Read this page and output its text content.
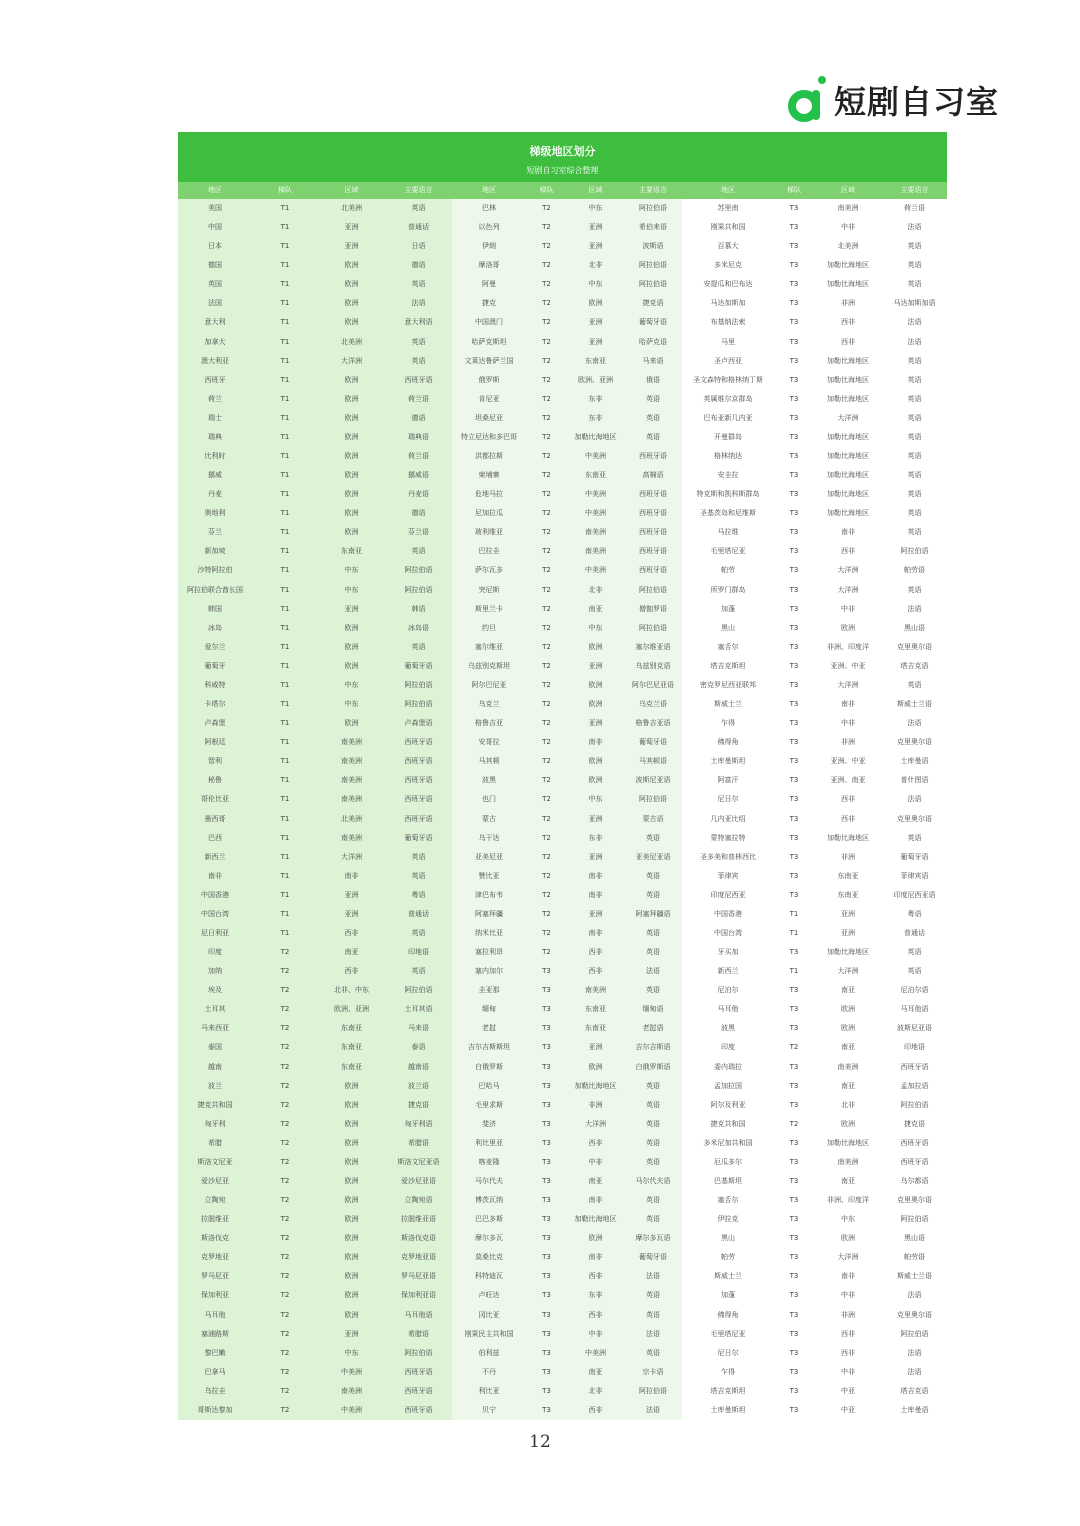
短剧自习室
梯级地区划分
短剧自习室综合整理
地区	梯队	区域	主要语言	地区	梯队	区域	主要语言	地区	梯队	区域	主要语言
美国	T1	北美洲	英语	巴林	T2	中东	阿拉伯语	苏里南	T3	南美洲	荷兰语
中国	T1	亚洲	普通话	以色列	T2	亚洲	希伯来语	刚果共和国	T3	中非	法语
日本	T1	亚洲	日语	伊朗	T2	亚洲	波斯语	百慕大	T3	北美洲	英语
德国	T1	欧洲	德语	摩洛哥	T2	北非	阿拉伯语	多米尼克	T3	加勒比海地区	英语
英国	T1	欧洲	英语	阿曼	T2	中东	阿拉伯语	安提瓜和巴布达	T3	加勒比海地区	英语
法国	T1	欧洲	法语	捷克	T2	欧洲	捷克语	马达加斯加	T3	非洲	马达加斯加语
意大利	T1	欧洲	意大利语	中国澳门	T2	亚洲	葡萄牙语	布基纳法索	T3	西非	法语
加拿大	T1	北美洲	英语	哈萨克斯坦	T2	亚洲	哈萨克语	马里	T3	西非	法语
澳大利亚	T1	大洋洲	英语	文莱达鲁萨兰国	T2	东南亚	马来语	圣卢西亚	T3	加勒比海地区	英语
西班牙	T1	欧洲	西班牙语	俄罗斯	T2	欧洲、亚洲	俄语	圣文森特和格林纳丁斯	T3	加勒比海地区	英语
荷兰	T1	欧洲	荷兰语	肯尼亚	T2	东非	英语	英属维尔京群岛	T3	加勒比海地区	英语
瑞士	T1	欧洲	德语	坦桑尼亚	T2	东非	英语	巴布亚新几内亚	T3	大洋洲	英语
瑞典	T1	欧洲	瑞典语	特立尼达和多巴哥	T2	加勒比海地区	英语	开曼群岛	T3	加勒比海地区	英语
比利时	T1	欧洲	荷兰语	洪都拉斯	T2	中美洲	西班牙语	格林纳达	T3	加勒比海地区	英语
挪威	T1	欧洲	挪威语	柬埔寨	T2	东南亚	高棉语	安圭拉	T3	加勒比海地区	英语
丹麦	T1	欧洲	丹麦语	危地马拉	T2	中美洲	西班牙语	特克斯和凯科斯群岛	T3	加勒比海地区	英语
奥地利	T1	欧洲	德语	尼加拉瓜	T2	中美洲	西班牙语	圣基茨岛和尼维斯	T3	加勒比海地区	英语
芬兰	T1	欧洲	芬兰语	玻利维亚	T2	南美洲	西班牙语	马拉维	T3	南非	英语
新加坡	T1	东南亚	英语	巴拉圭	T2	南美洲	西班牙语	毛里塔尼亚	T3	西非	阿拉伯语
沙特阿拉伯	T1	中东	阿拉伯语	萨尔瓦多	T2	中美洲	西班牙语	帕劳	T3	大洋洲	帕劳语
阿拉伯联合酋长国	T1	中东	阿拉伯语	突尼斯	T2	北非	阿拉伯语	所罗门群岛	T3	大洋洲	英语
韩国	T1	亚洲	韩语	斯里兰卡	T2	南亚	僧伽罗语	加蓬	T3	中非	法语
冰岛	T1	欧洲	冰岛语	约旦	T2	中东	阿拉伯语	黑山	T3	欧洲	黑山语
爱尔兰	T1	欧洲	英语	塞尔维亚	T2	欧洲	塞尔维亚语	塞舌尔	T3	非洲、印度洋	克里奥尔语
葡萄牙	T1	欧洲	葡萄牙语	乌兹别克斯坦	T2	亚洲	乌兹别克语	塔吉克斯坦	T3	亚洲、中亚	塔吉克语
科威特	T1	中东	阿拉伯语	阿尔巴尼亚	T2	欧洲	阿尔巴尼亚语	密克罗尼西亚联邦	T3	大洋洲	英语
卡塔尔	T1	中东	阿拉伯语	乌克兰	T2	欧洲	乌克兰语	斯威士兰	T3	南非	斯威士兰语
卢森堡	T1	欧洲	卢森堡语	格鲁吉亚	T2	亚洲	格鲁吉亚语	乍得	T3	中非	法语
阿根廷	T1	南美洲	西班牙语	安哥拉	T2	南非	葡萄牙语	佛得角	T3	非洲	克里奥尔语
智利	T1	南美洲	西班牙语	马其顿	T2	欧洲	马其顿语	土库曼斯坦	T3	亚洲、中亚	土库曼语
秘鲁	T1	南美洲	西班牙语	波黑	T2	欧洲	波斯尼亚语	阿富汗	T3	亚洲、南亚	普什图语
哥伦比亚	T1	南美洲	西班牙语	也门	T2	中东	阿拉伯语	尼日尔	T3	西非	法语
墨西哥	T1	北美洲	西班牙语	蒙古	T2	亚洲	蒙古语	几内亚比绍	T3	西非	克里奥尔语
巴西	T1	南美洲	葡萄牙语	乌干达	T2	东非	英语	蒙特塞拉特	T3	加勒比海地区	英语
新西兰	T1	大洋洲	英语	亚美尼亚	T2	亚洲	亚美尼亚语	圣多美和普林西比	T3	非洲	葡萄牙语
南非	T1	南非	英语	赞比亚	T2	南非	英语	菲律宾	T3	东南亚	菲律宾语
中国香港	T1	亚洲	粤语	津巴布韦	T2	南非	英语	印度尼西亚	T3	东南亚	印度尼西亚语
中国台湾	T1	亚洲	普通话	阿塞拜疆	T2	亚洲	阿塞拜疆语	中国香港	T1	亚洲	粤语
尼日利亚	T1	西非	英语	纳米比亚	T2	南非	英语	中国台湾	T1	亚洲	普通话
印度	T2	南亚	印地语	塞拉利昂	T2	西非	英语	牙买加	T3	加勒比海地区	英语
加纳	T2	西非	英语	塞内加尔	T3	西非	法语	新西兰	T1	大洋洲	英语
埃及	T2	北非、中东	阿拉伯语	圭亚那	T3	南美洲	英语	尼泊尔	T3	南亚	尼泊尔语
土耳其	T2	欧洲、亚洲	土耳其语	缅甸	T3	东南亚	缅甸语	马耳他	T3	欧洲	马耳他语
马来西亚	T2	东南亚	马来语	老挝	T3	东南亚	老挝语	波黑	T3	欧洲	波斯尼亚语
泰国	T2	东南亚	泰语	吉尔吉斯斯坦	T3	亚洲	吉尔吉斯语	印度	T2	南亚	印地语
越南	T2	东南亚	越南语	白俄罗斯	T3	欧洲	白俄罗斯语	委内瑞拉	T3	南美洲	西班牙语
波兰	T2	欧洲	波兰语	巴哈马	T3	加勒比海地区	英语	孟加拉国	T3	南亚	孟加拉语
捷克共和国	T2	欧洲	捷克语	毛里求斯	T3	非洲	英语	阿尔及利亚	T3	北非	阿拉伯语
匈牙利	T2	欧洲	匈牙利语	斐济	T3	大洋洲	英语	捷克共和国	T2	欧洲	捷克语
希腊	T2	欧洲	希腊语	利比里亚	T3	西非	英语	多米尼加共和国	T3	加勒比海地区	西班牙语
斯洛文尼亚	T2	欧洲	斯洛文尼亚语	喀麦隆	T3	中非	英语	厄瓜多尔	T3	南美洲	西班牙语
爱沙尼亚	T2	欧洲	爱沙尼亚语	马尔代夫	T3	南亚	马尔代夫语	巴基斯坦	T3	南亚	乌尔都语
立陶宛	T2	欧洲	立陶宛语	博茨瓦纳	T3	南非	英语	塞舌尔	T3	非洲、印度洋	克里奥尔语
拉脱维亚	T2	欧洲	拉脱维亚语	巴巴多斯	T3	加勒比海地区	英语	伊拉克	T3	中东	阿拉伯语
斯洛伐克	T2	欧洲	斯洛伐克语	摩尔多瓦	T3	欧洲	摩尔多瓦语	黑山	T3	欧洲	黑山语
克罗地亚	T2	欧洲	克罗地亚语	莫桑比克	T3	南非	葡萄牙语	帕劳	T3	大洋洲	帕劳语
罗马尼亚	T2	欧洲	罗马尼亚语	科特迪瓦	T3	西非	法语	斯威士兰	T3	南非	斯威士兰语
保加利亚	T2	欧洲	保加利亚语	卢旺达	T3	东非	英语	加蓬	T3	中非	法语
马耳他	T2	欧洲	马耳他语	冈比亚	T3	西非	英语	佛得角	T3	非洲	克里奥尔语
塞浦路斯	T2	亚洲	希腊语	刚果民主共和国	T3	中非	法语	毛里塔尼亚	T3	西非	阿拉伯语
黎巴嫩	T2	中东	阿拉伯语	伯利兹	T3	中美洲	英语	尼日尔	T3	西非	法语
巴拿马	T2	中美洲	西班牙语	不丹	T3	南亚	宗卡语	乍得	T3	中非	法语
乌拉圭	T2	南美洲	西班牙语	利比亚	T3	北非	阿拉伯语	塔吉克斯坦	T3	中亚	塔吉克语
哥斯达黎加	T2	中美洲	西班牙语	贝宁	T3	西非	法语	土库曼斯坦	T3	中亚	土库曼语
12
